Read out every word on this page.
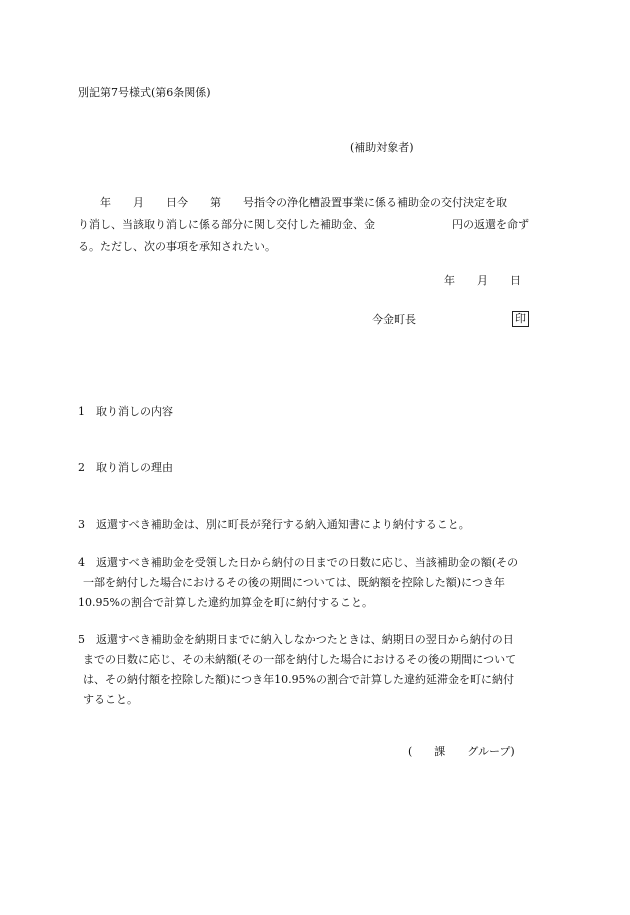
別記第7号様式(第6条関係)
(補助対象者)
　　年　　月　　日今　　第　　号指令の浄化槽設置事業に係る補助金の交付決定を取
り消し、当該取り消しに係る部分に関し交付した補助金、金　　　　　　　円の返還を命ず
る。ただし、次の事項を承知されたい。
年　　月　　日
今金町長	印
1　取り消しの内容
2　取り消しの理由
3　返還すべき補助金は、別に町長が発行する納入通知書により納付すること。
4　返還すべき補助金を受領した日から納付の日までの日数に応じ、当該補助金の額(その
一部を納付した場合におけるその後の期間については、既納額を控除した額)につき年
10.95%の割合で計算した違約加算金を町に納付すること。
5　返還すべき補助金を納期日までに納入しなかつたときは、納期日の翌日から納付の日
までの日数に応じ、その未納額(その一部を納付した場合におけるその後の期間について
は、その納付額を控除した額)につき年10.95%の割合で計算した違約延滞金を町に納付
すること。
(　　課　　グループ)
